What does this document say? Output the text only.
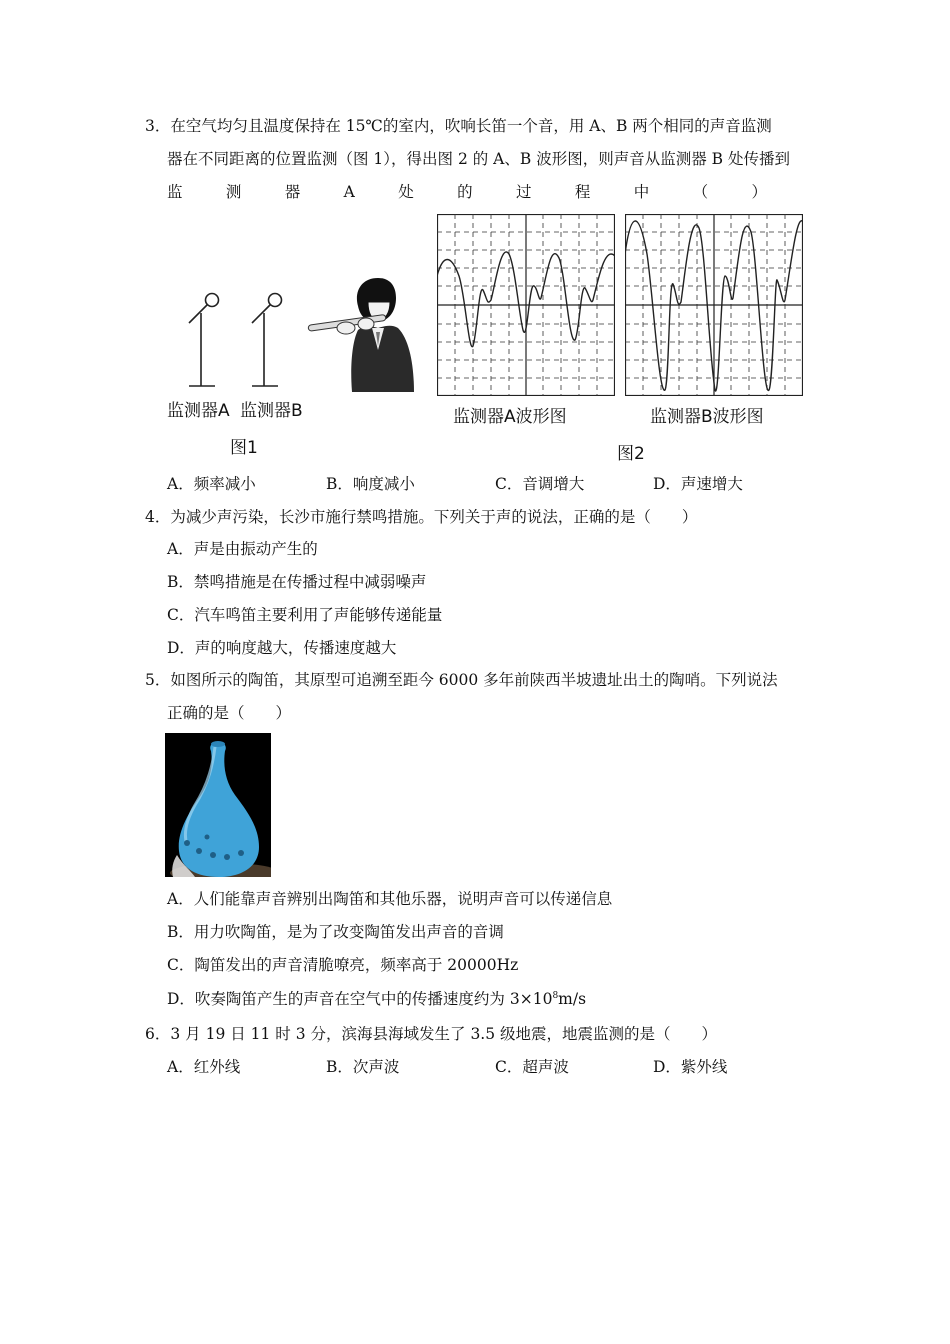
3．在空气均匀且温度保持在 15℃的室内，吹响长笛一个音，用 A、B 两个相同的声音监测
器在不同距离的位置监测（图 1），得出图 2 的 A、B 波形图，则声音从监测器 B 处传播到
监	测	器	A	处	的	过	程	中	（	）
监测器A 监测器B
图1
监测器A波形图	监测器B波形图
图2
A．频率减小	B．响度减小	C．音调增大	D．声速增大
4．为减少声污染，长沙市施行禁鸣措施。下列关于声的说法，正确的是（　　）
A．声是由振动产生的
B．禁鸣措施是在传播过程中减弱噪声
C．汽车鸣笛主要利用了声能够传递能量
D．声的响度越大，传播速度越大
5．如图所示的陶笛，其原型可追溯至距今 6000 多年前陕西半坡遗址出土的陶哨。下列说法
正确的是（　　）
A．人们能靠声音辨别出陶笛和其他乐器，说明声音可以传递信息
B．用力吹陶笛，是为了改变陶笛发出声音的音调
C．陶笛发出的声音清脆嘹亮，频率高于 20000Hz
D．吹奏陶笛产生的声音在空气中的传播速度约为 $3\times 10^8m/s$
6．3 月 19 日 11 时 3 分，滨海县海域发生了 3.5 级地震，地震监测的是（　　）
A．红外线	B．次声波	C．超声波	D．紫外线
